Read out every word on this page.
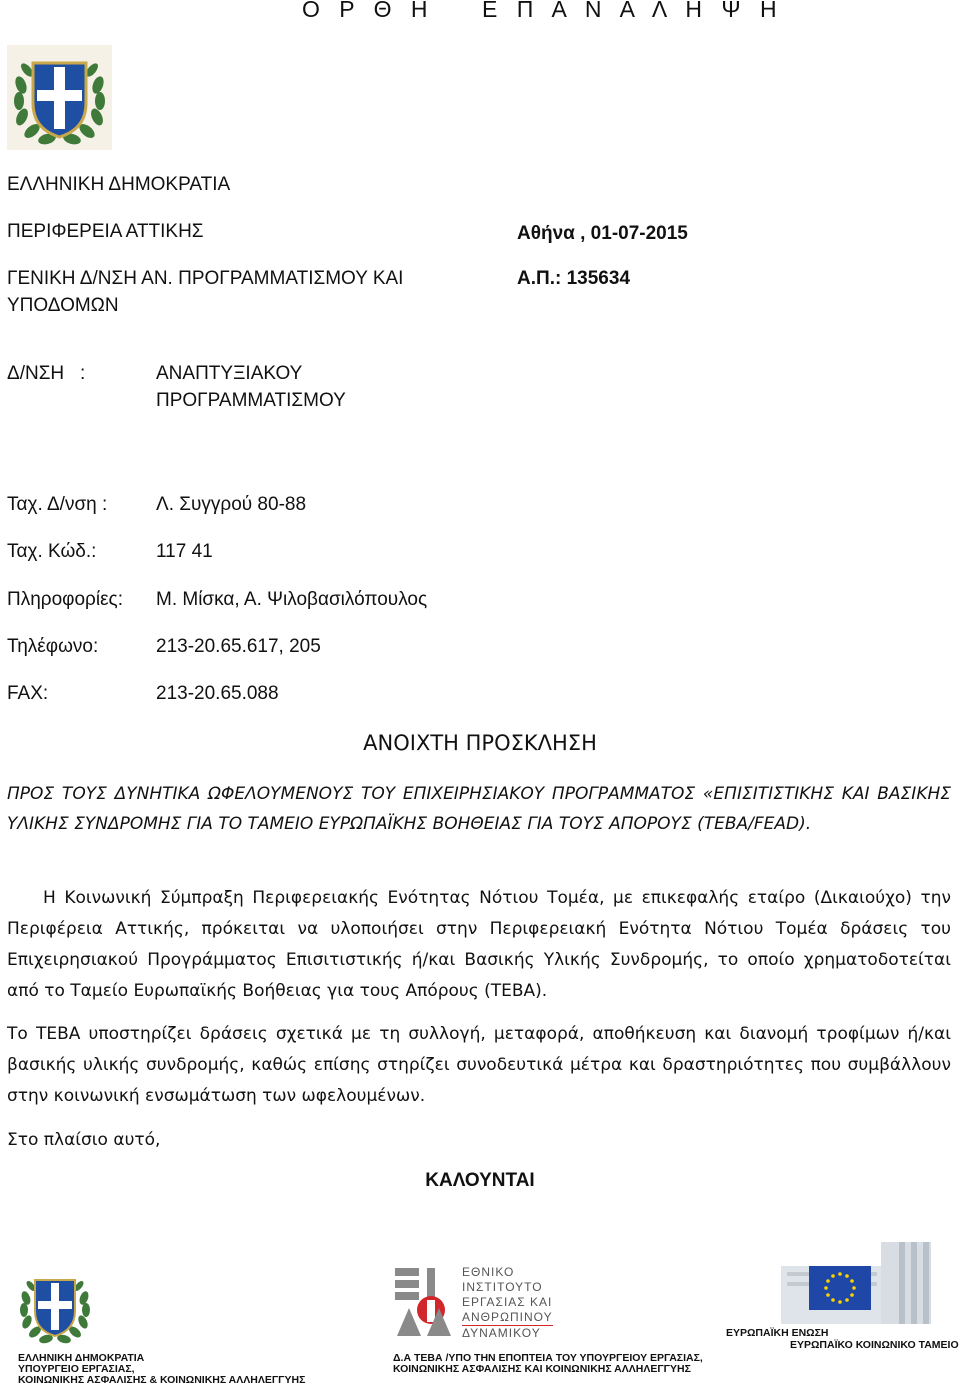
Ο Ρ Θ Η Ε Π Α Ν Α Λ Η Ψ Η
ΕΛΛΗΝΙΚΗ ΔΗΜΟΚΡΑΤΙΑ
ΠΕΡΙΦΕΡΕΙΑ ΑΤΤΙΚΗΣ
ΓΕΝΙΚΗ Δ/ΝΣΗ ΑΝ. ΠΡΟΓΡΑΜΜΑΤΙΣΜΟΥ ΚΑΙ
ΥΠΟΔΟΜΩΝ
Αθήνα , 01-07-2015
Α.Π.: 135634
Δ/ΝΣΗ   :	ΑΝΑΠΤΥΞΙΑΚΟΥ
ΠΡΟΓΡΑΜΜΑΤΙΣΜΟΥ
Ταχ. Δ/νση :	Λ. Συγγρού 80-88
Ταχ. Κώδ.:	117 41
Πληροφορίες: Μ. Μίσκα, Α. Ψιλοβασιλόπουλος
Τηλέφωνο:	213-20.65.617, 205
FAX:	213-20.65.088
ΑΝΟΙΧΤΗ ΠΡΟΣΚΛΗΣΗ
ΠΡΟΣ ΤΟΥΣ ΔΥΝΗΤΙΚΑ ΩΦΕΛΟΥΜΕΝΟΥΣ ΤΟΥ ΕΠΙΧΕΙΡΗΣΙΑΚΟΥ ΠΡΟΓΡΑΜΜΑΤΟΣ «ΕΠΙΣΙΤΙΣΤΙΚΗΣ ΚΑΙ ΒΑΣΙΚΗΣ ΥΛΙΚΗΣ ΣΥΝΔΡΟΜΗΣ ΓΙΑ ΤΟ ΤΑΜΕΙΟ ΕΥΡΩΠΑΪΚΗΣ ΒΟΗΘΕΙΑΣ ΓΙΑ ΤΟΥΣ ΑΠΟΡΟΥΣ (ΤΕΒΑ/FEAD).
Η Κοινωνική Σύμπραξη Περιφερειακής Ενότητας Νότιου Τομέα, με επικεφαλής εταίρο (Δικαιούχο) την Περιφέρεια Αττικής, πρόκειται να υλοποιήσει στην Περιφερειακή Ενότητα Νότιου Τομέα δράσεις του Επιχειρησιακού Προγράμματος Επισιτιστικής ή/και Βασικής Υλικής Συνδρομής, το οποίο χρηματοδοτείται από το Ταμείο Ευρωπαϊκής Βοήθειας για τους Απόρους (ΤΕΒΑ).
Το ΤΕΒΑ υποστηρίζει δράσεις σχετικά με τη συλλογή, μεταφορά, αποθήκευση και διανομή τροφίμων ή/και βασικής υλικής συνδρομής, καθώς επίσης στηρίζει συνοδευτικά μέτρα και δραστηριότητες που συμβάλλουν στην κοινωνική ενσωμάτωση των ωφελουμένων.
Στο πλαίσιο αυτό,
ΚΑΛΟΥΝΤΑΙ
ΕΛΛΗΝΙΚΗ ΔΗΜΟΚΡΑΤΙΑ
ΥΠΟΥΡΓΕΙΟ ΕΡΓΑΣΙΑΣ,
ΚΟΙΝΩΝΙΚΗΣ ΑΣΦΑΛΙΣΗΣ & ΚΟΙΝΩΝΙΚΗΣ ΑΛΛΗΛΕΓΓΥΗΣ
ΕΘΝΙΚΟ
ΙΝΣΤΙΤΟΥΤΟ
ΕΡΓΑΣΙΑΣ ΚΑΙ
ΑΝΘΡΩΠΙΝΟΥ
ΔΥΝΑΜΙΚΟΥ
Δ.Α ΤΕΒΑ /ΥΠΟ ΤΗΝ ΕΠΟΠΤΕΙΑ ΤΟΥ ΥΠΟΥΡΓΕΙΟΥ ΕΡΓΑΣΙΑΣ,
ΚΟΙΝΩΝΙΚΗΣ ΑΣΦΑΛΙΣΗΣ ΚΑΙ ΚΟΙΝΩΝΙΚΗΣ ΑΛΛΗΛΕΓΓΥΗΣ
ΕΥΡΩΠΑΪΚΗ ΕΝΩΣΗ
ΕΥΡΩΠΑΪΚΟ ΚΟΙΝΩΝΙΚΟ ΤΑΜΕΙΟ
